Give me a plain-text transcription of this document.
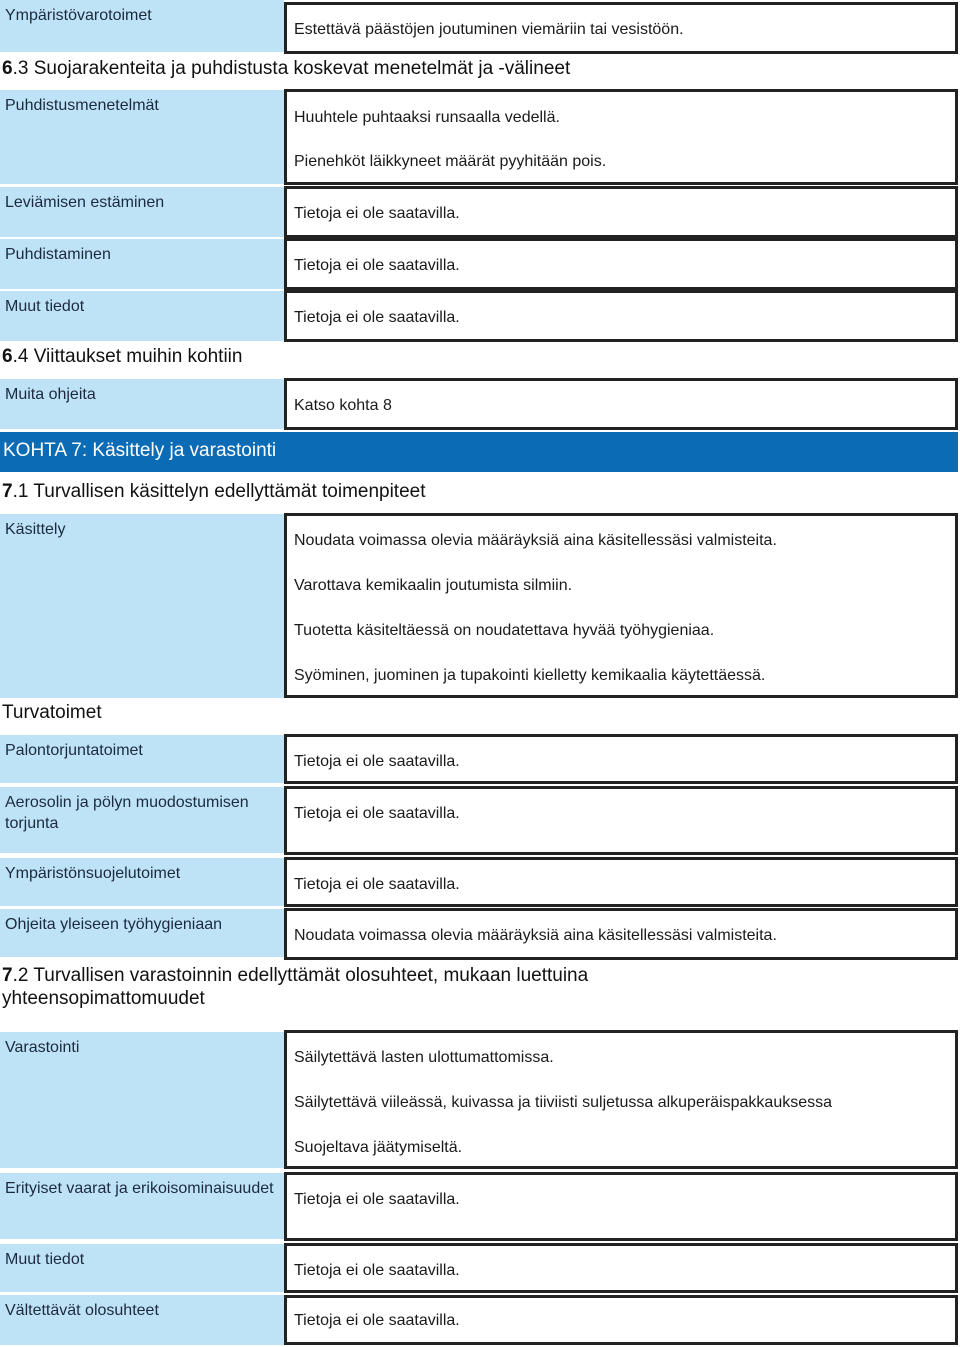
Ympäristövarotoimet
Estettävä päästöjen joutuminen viemäriin tai vesistöön.
6.3 Suojarakenteita ja puhdistusta koskevat menetelmät ja -välineet
Puhdistusmenetelmät
Huuhtele puhtaaksi runsaalla vedellä.
Pienehköt läikkyneet määrät pyyhitään pois.
Leviämisen estäminen
Tietoja ei ole saatavilla.
Puhdistaminen
Tietoja ei ole saatavilla.
Muut tiedot
Tietoja ei ole saatavilla.
6.4 Viittaukset muihin kohtiin
Muita ohjeita
Katso kohta 8
KOHTA 7: Käsittely ja varastointi
7.1 Turvallisen käsittelyn edellyttämät toimenpiteet
Käsittely
Noudata voimassa olevia määräyksiä aina käsitellessäsi valmisteita.
Varottava kemikaalin joutumista silmiin.
Tuotetta käsiteltäessä on noudatettava hyvää työhygieniaa.
Syöminen, juominen ja tupakointi kielletty kemikaalia käytettäessä.
Turvatoimet
Palontorjuntatoimet
Tietoja ei ole saatavilla.
Aerosolin ja pölyn muodostumisen torjunta
Tietoja ei ole saatavilla.
Ympäristönsuojelutoimet
Tietoja ei ole saatavilla.
Ohjeita yleiseen työhygieniaan
Noudata voimassa olevia määräyksiä aina käsitellessäsi valmisteita.
7.2 Turvallisen varastoinnin edellyttämät olosuhteet, mukaan luettuina
yhteensopimattomuudet
Varastointi
Säilytettävä lasten ulottumattomissa.
Säilytettävä viileässä, kuivassa ja tiiviisti suljetussa alkuperäispakkauksessa
Suojeltava jäätymiseltä.
Erityiset vaarat ja erikoisominaisuudet
Tietoja ei ole saatavilla.
Muut tiedot
Tietoja ei ole saatavilla.
Vältettävät olosuhteet
Tietoja ei ole saatavilla.
